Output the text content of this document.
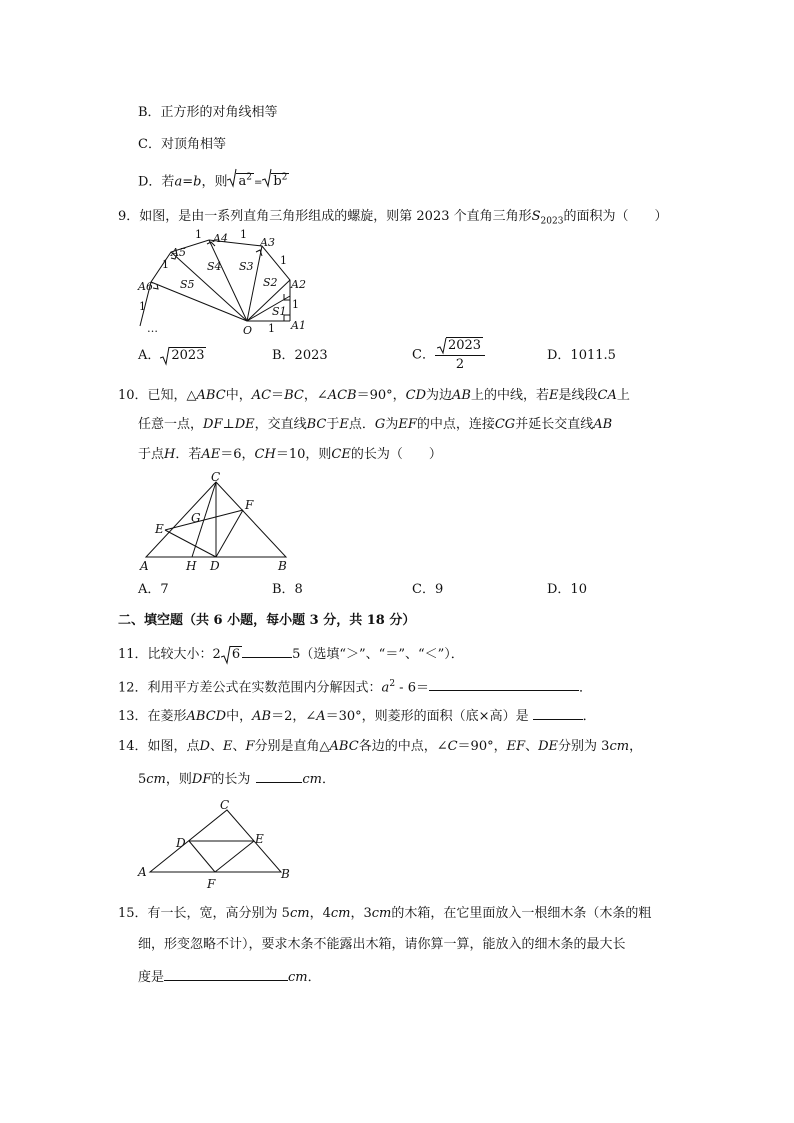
B．正方形的对角线相等
C．对顶角相等
D．若a=b，则 $a^2 = b^2$
9．如图，是由一系列直角三角形组成的螺旋，则第 2023 个直角三角形$S_{2023}$的面积为（　　）
A5
A4	A3
A2
A1
A6
O
S1
S2
S3
S4
S5
1
1
1
1
1
1
1
…
A． 2023	B．2023	C． $\frac{2023}{2}$	D．1011.5
10．已知，△ABC中，AC＝BC，∠ACB＝90°，CD为边AB上的中线，若E是线段CA上
任意一点，DF⊥DE，交直线BC于E点．G为EF的中点，连接CG并延长交直线AB
于点H．若AE＝6，CH＝10，则CE的长为（　　）
C
F
E
G
A	H D	B
A．7	B．8	C．9	D．10
二、填空题（共 6 小题，每小题 3 分，共 18 分）
11．比较大小：2 6	5（选填“＞”、“＝”、“＜”）．
12．利用平方差公式在实数范围内分解因式：$a^2 - 6=$	．
13．在菱形ABCD中，AB＝2，∠A＝30°，则菱形的面积（底×高）是	．
14．如图，点D、E、F分别是直角△ABC各边的中点，∠C＝90°，EF、DE分别为 3cm，
5cm，则DF的长为	cm．
C
D	E
A
F
B
15．有一长，宽，高分别为 5cm，4cm，3cm的木箱，在它里面放入一根细木条（木条的粗
细，形变忽略不计），要求木条不能露出木箱，请你算一算，能放入的细木条的最大长
度是	cm．
